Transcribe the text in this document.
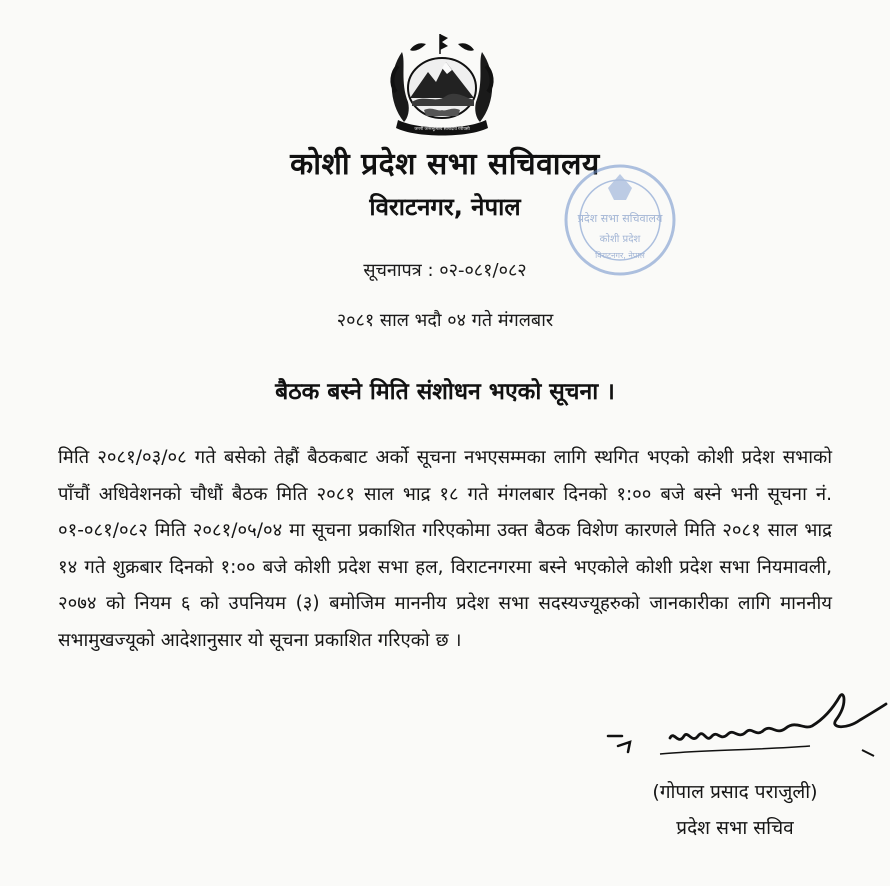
जननी जन्मभूमिश्च स्वर्गादपि गरीयसी
कोशी प्रदेश सभा सचिवालय
विराटनगर, नेपाल	प्रदेश सभा सचिवालय
कोशी प्रदेश
विराटनगर, नेपाल
सूचनापत्र : ०२-०८१/०८२
२०८१ साल भदौ ०४ गते मंगलबार
बैठक बस्ने मिति संशोधन भएको सूचना ।
मिति २०८१/०३/०८ गते बसेको तेह्रौं बैठकबाट अर्को सूचना नभएसम्मका लागि स्थगित भएको कोशी प्रदेश सभाको पाँचौं अधिवेशनको चौधौं बैठक मिति २०८१ साल भाद्र १८ गते मंगलबार दिनको १:०० बजे बस्ने भनी सूचना नं. ०१-०८१/०८२ मिति २०८१/०५/०४ मा सूचना प्रकाशित गरिएकोमा उक्त बैठक विशेण कारणले मिति २०८१ साल भाद्र १४ गते शुक्रबार दिनको १:०० बजे कोशी प्रदेश सभा हल, विराटनगरमा बस्ने भएकोले कोशी प्रदेश सभा नियमावली, २०७४ को नियम ६ को उपनियम (३) बमोजिम माननीय प्रदेश सभा सदस्यज्यूहरुको जानकारीका लागि माननीय सभामुखज्यूको आदेशानुसार यो सूचना प्रकाशित गरिएको छ ।
(गोपाल प्रसाद पराजुली)
प्रदेश सभा सचिव
